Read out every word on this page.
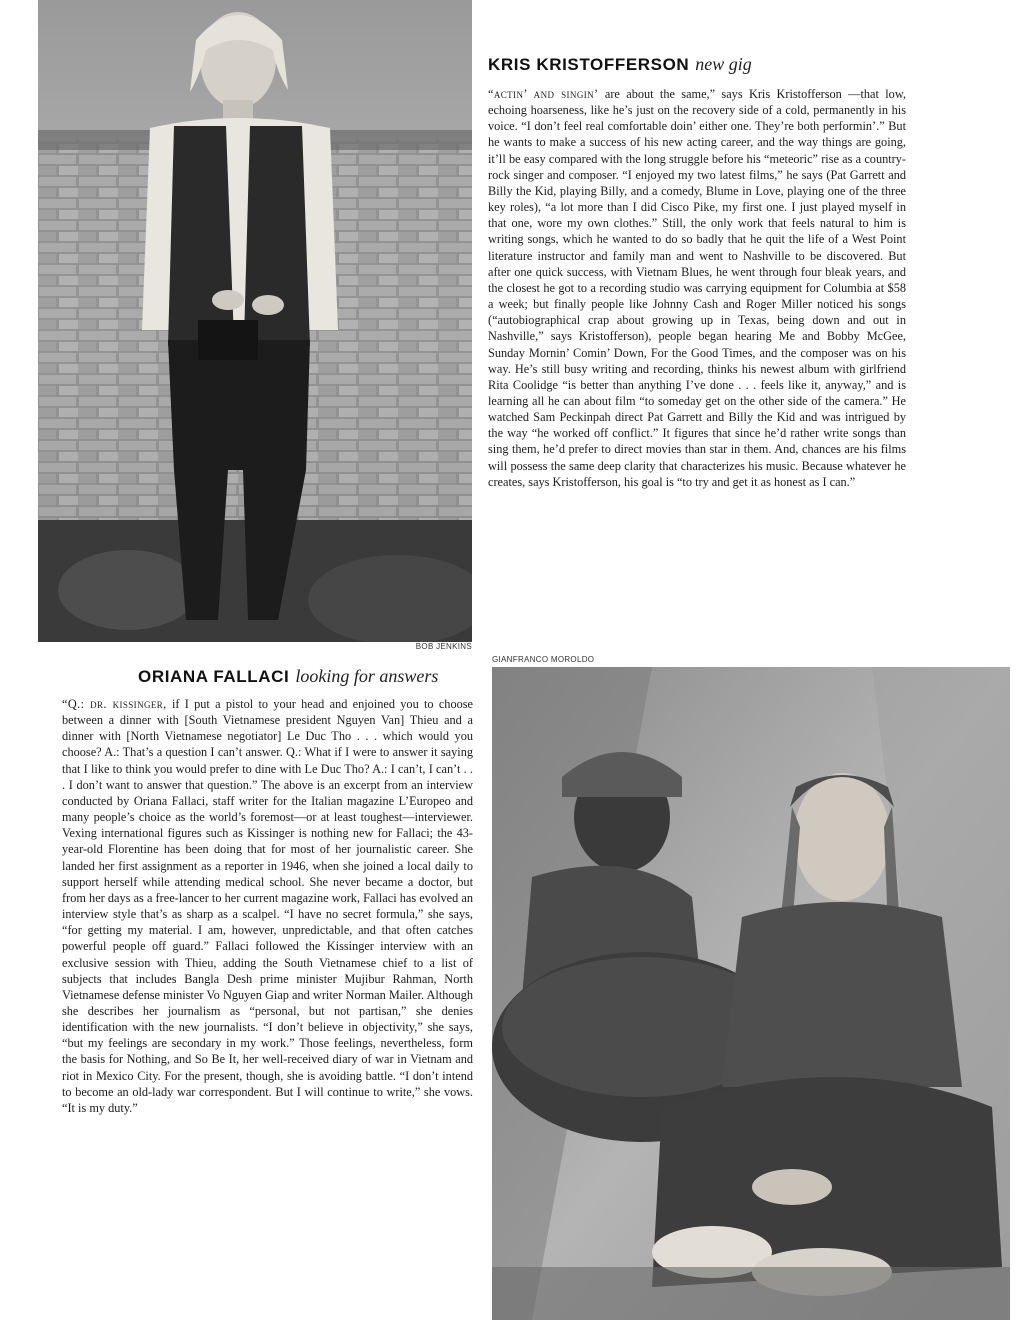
BOB JENKINS
KRIS KRISTOFFERSON new gig
“actin’ and singin’ are about the same,” says Kris Kristofferson —that low, echoing hoarseness, like he’s just on the recovery side of a cold, permanently in his voice. “I don’t feel real comfortable doin’ either one. They’re both performin’.” But he wants to make a success of his new acting career, and the way things are going, it’ll be easy compared with the long struggle before his “meteoric” rise as a country-rock singer and composer. “I enjoyed my two latest films,” he says (Pat Garrett and Billy the Kid, playing Billy, and a comedy, Blume in Love, playing one of the three key roles), “a lot more than I did Cisco Pike, my first one. I just played myself in that one, wore my own clothes.” Still, the only work that feels natural to him is writing songs, which he wanted to do so badly that he quit the life of a West Point literature instructor and family man and went to Nashville to be discovered. But after one quick success, with Vietnam Blues, he went through four bleak years, and the closest he got to a recording studio was carrying equipment for Columbia at $58 a week; but finally people like Johnny Cash and Roger Miller noticed his songs (“autobiographical crap about growing up in Texas, being down and out in Nashville,” says Kristofferson), people began hearing Me and Bobby McGee, Sunday Mornin’ Comin’ Down, For the Good Times, and the composer was on his way. He’s still busy writing and recording, thinks his newest album with girlfriend Rita Coolidge “is better than anything I’ve done . . . feels like it, anyway,” and is learning all he can about film “to someday get on the other side of the camera.” He watched Sam Peckinpah direct Pat Garrett and Billy the Kid and was intrigued by the way “he worked off conflict.” It figures that since he’d rather write songs than sing them, he’d prefer to direct movies than star in them. And, chances are his films will possess the same deep clarity that characterizes his music. Because whatever he creates, says Kristofferson, his goal is “to try and get it as honest as I can.”
ORIANA FALLACI looking for answers
“Q.: dr. kissinger, if I put a pistol to your head and enjoined you to choose between a dinner with [South Vietnamese president Nguyen Van] Thieu and a dinner with [North Vietnamese negotiator] Le Duc Tho . . . which would you choose? A.: That’s a question I can’t answer. Q.: What if I were to answer it saying that I like to think you would prefer to dine with Le Duc Tho? A.: I can’t, I can’t . . . I don’t want to answer that question.” The above is an excerpt from an interview conducted by Oriana Fallaci, staff writer for the Italian magazine L’Europeo and many people’s choice as the world’s foremost—or at least toughest—interviewer. Vexing international figures such as Kissinger is nothing new for Fallaci; the 43-year-old Florentine has been doing that for most of her journalistic career. She landed her first assignment as a reporter in 1946, when she joined a local daily to support herself while attending medical school. She never became a doctor, but from her days as a free-lancer to her current magazine work, Fallaci has evolved an interview style that’s as sharp as a scalpel. “I have no secret formula,” she says, “for getting my material. I am, however, unpredictable, and that often catches powerful people off guard.” Fallaci followed the Kissinger interview with an exclusive session with Thieu, adding the South Vietnamese chief to a list of subjects that includes Bangla Desh prime minister Mujibur Rahman, North Vietnamese defense minister Vo Nguyen Giap and writer Norman Mailer. Although she describes her journalism as “personal, but not partisan,” she denies identification with the new journalists. “I don’t believe in objectivity,” she says, “but my feelings are secondary in my work.” Those feelings, nevertheless, form the basis for Nothing, and So Be It, her well-received diary of war in Vietnam and riot in Mexico City. For the present, though, she is avoiding battle. “I don’t intend to become an old-lady war correspondent. But I will continue to write,” she vows. “It is my duty.”
GIANFRANCO MOROLDO
